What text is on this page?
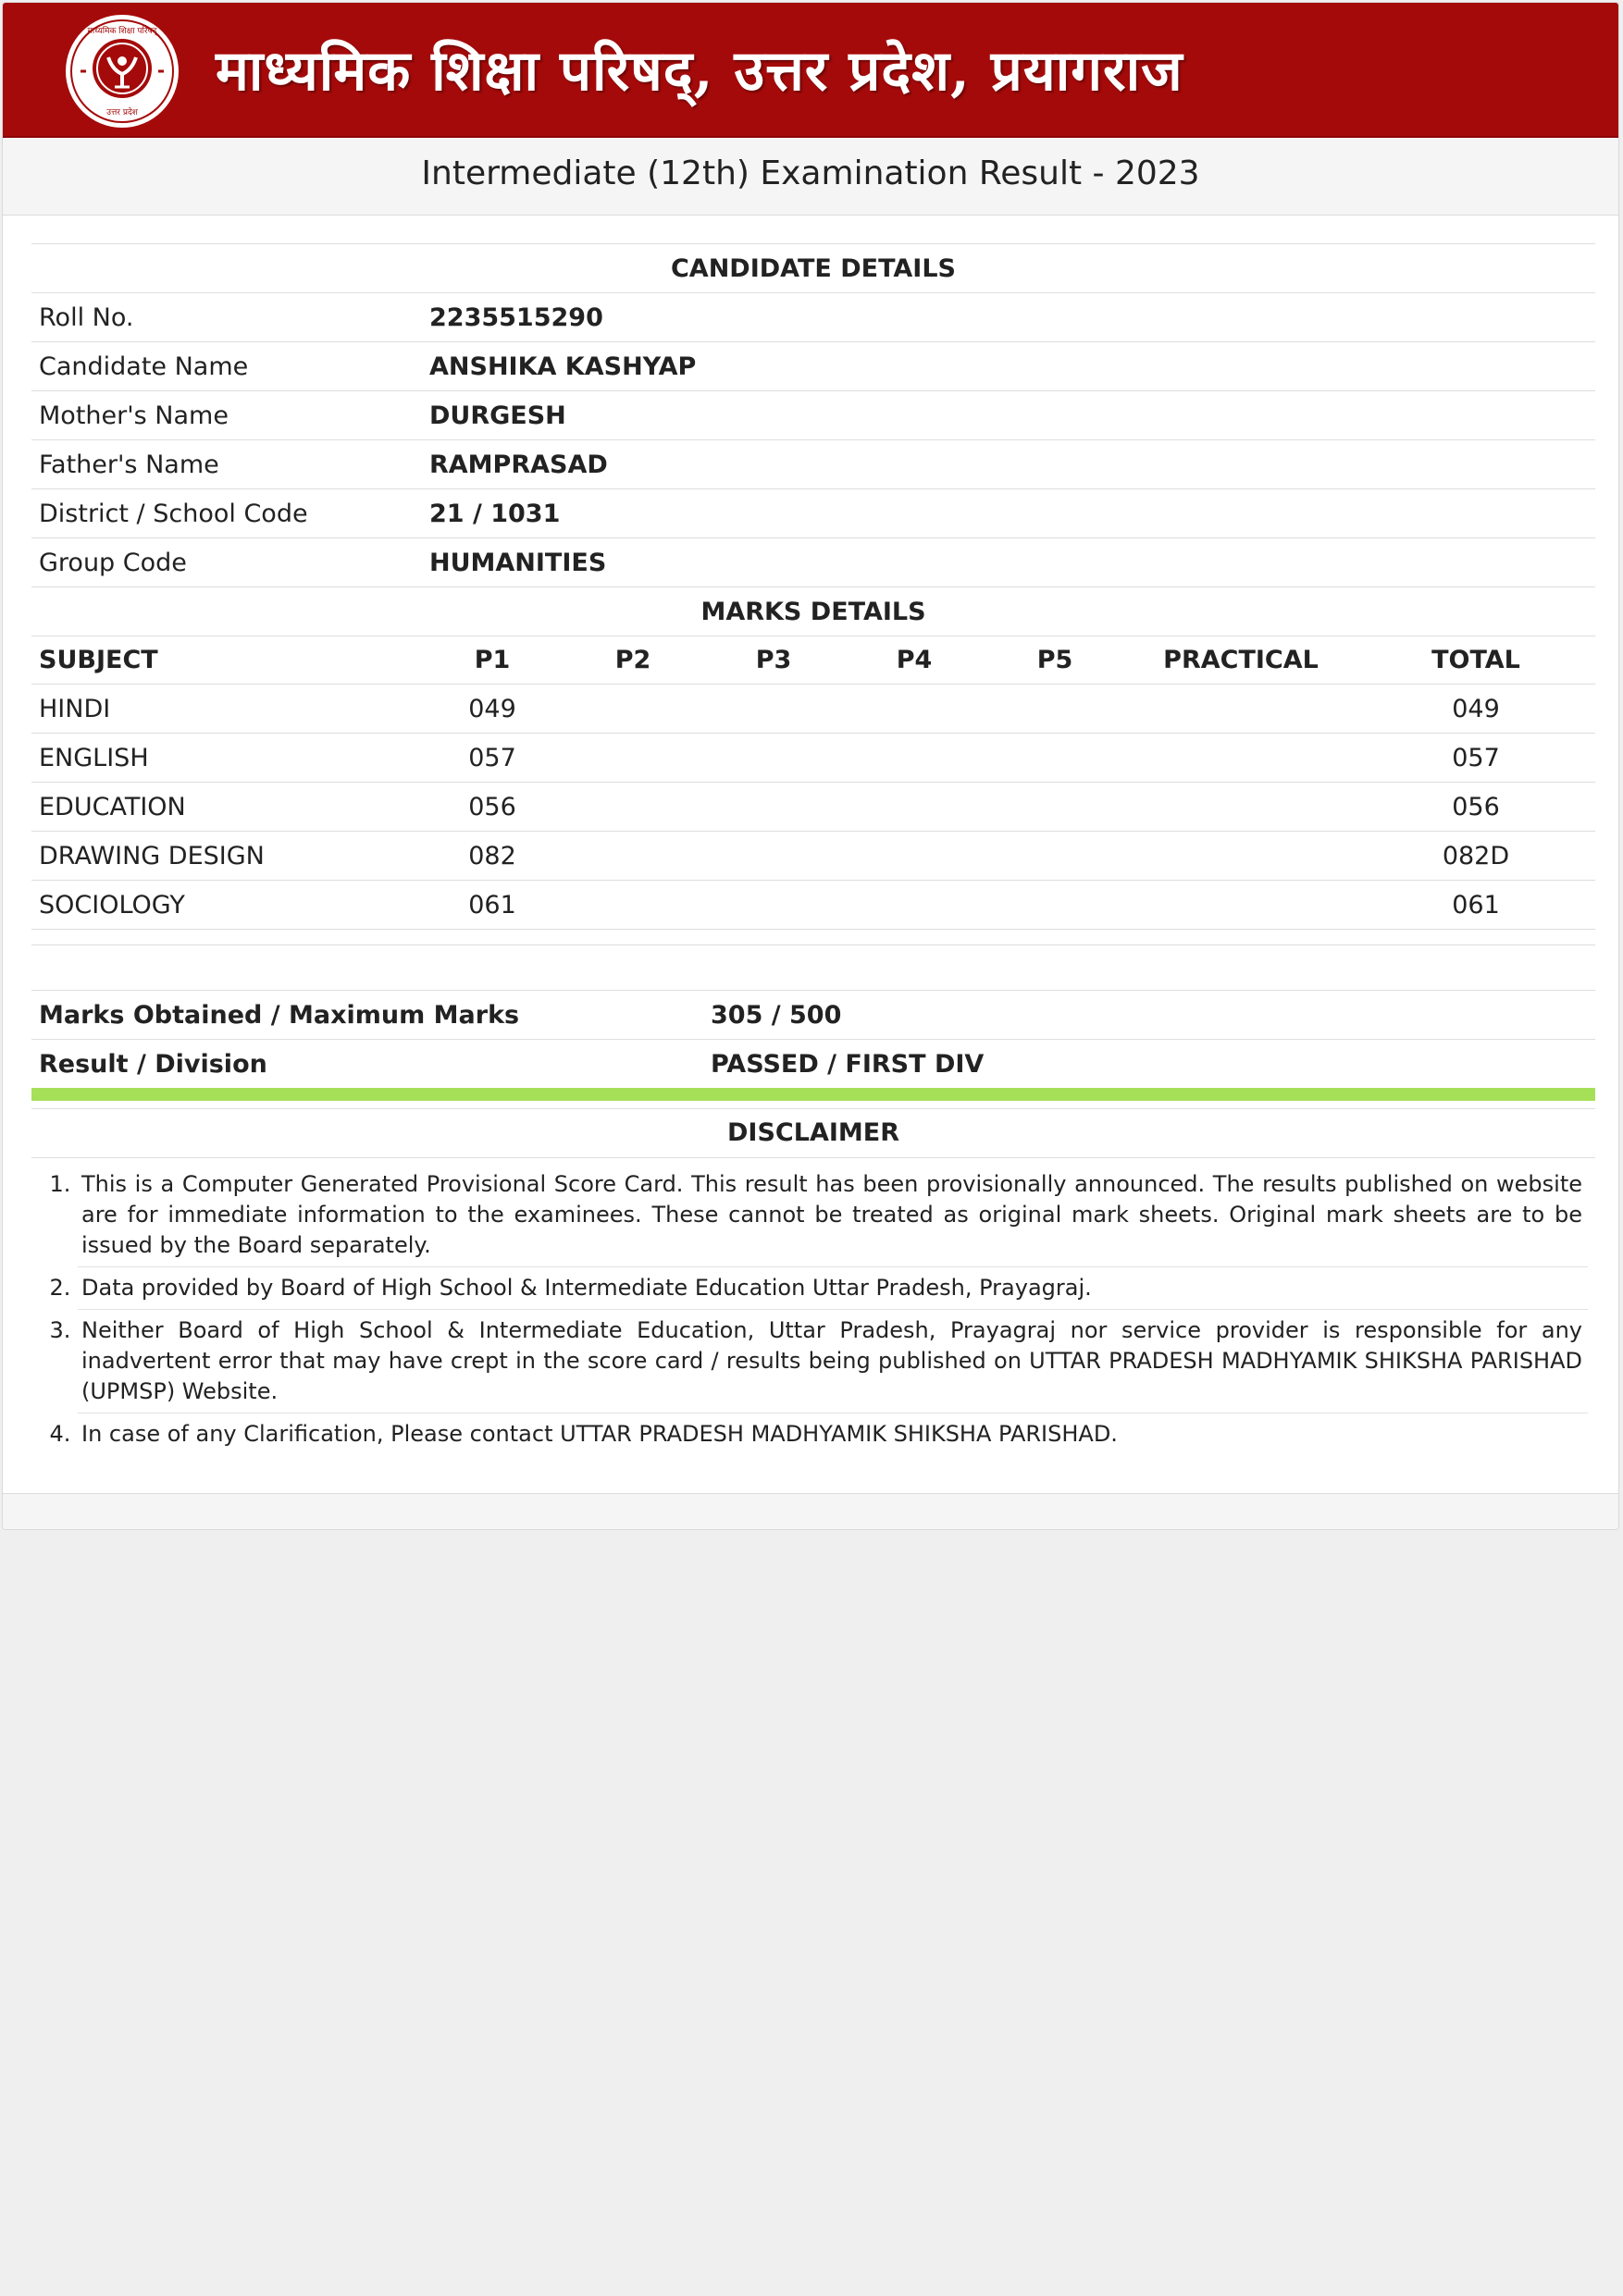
माध्यमिक शिक्षा परिषद्
उत्तर प्रदेश
माध्यमिक शिक्षा परिषद्, उत्तर प्रदेश, प्रयागराज
Intermediate (12th) Examination Result - 2023
CANDIDATE DETAILS							
Roll No.	2235515290						
Candidate Name	ANSHIKA KASHYAP						
Mother's Name	DURGESH						
Father's Name	RAMPRASAD						
District / School Code	21 / 1031						
Group Code	HUMANITIES						
MARKS DETAILS							
SUBJECT	P1	P2	P3	P4	P5	PRACTICAL	TOTAL
HINDI	049						049
ENGLISH	057						057
EDUCATION	056						056
DRAWING DESIGN	082						082D
SOCIOLOGY	061						061

Marks Obtained / Maximum Marks	305 / 500
Result / Division	PASSED / FIRST DIV
DISCLAIMER
1. This is a Computer Generated Provisional Score Card. This result has been provisionally announced. The results published on website are for immediate information to the examinees. These cannot be treated as original mark sheets. Original mark sheets are to be issued by the Board separately.
2. Data provided by Board of High School & Intermediate Education Uttar Pradesh, Prayagraj.
3. Neither Board of High School & Intermediate Education, Uttar Pradesh, Prayagraj nor service provider is responsible for any inadvertent error that may have crept in the score card / results being published on UTTAR PRADESH MADHYAMIK SHIKSHA PARISHAD (UPMSP) Website.
4. In case of any Clarification, Please contact UTTAR PRADESH MADHYAMIK SHIKSHA PARISHAD.
